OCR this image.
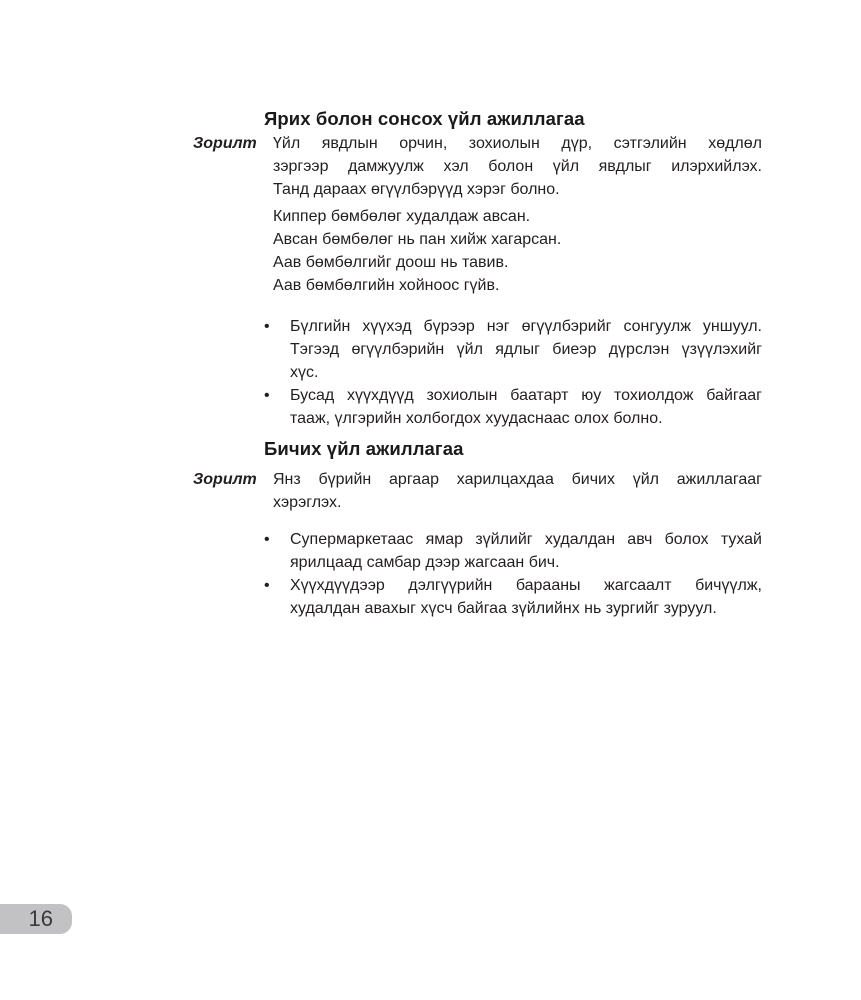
Ярих болон сонсох үйл ажиллагаа
Зорилт	Үйл явдлын орчин, зохиолын дүр, сэтгэлийн хөдлөл
зэргээр дамжуулж хэл болон үйл явдлыг илэрхийлэх.
Танд дараах өгүүлбэрүүд хэрэг болно.
Киппер бөмбөлөг худалдаж авсан.
Авсан бөмбөлөг нь пан хийж хагарсан.
Аав бөмбөлгийг доош нь тавив.
Аав бөмбөлгийн хойноос гүйв.
• Бүлгийн хүүхэд бүрээр нэг өгүүлбэрийг сонгуулж уншуул.
Тэгээд өгүүлбэрийн үйл ядлыг биеэр дүрслэн үзүүлэхийг
хүс.
• Бусад хүүхдүүд зохиолын баатарт юу тохиолдож байгааг
тааж, үлгэрийн холбогдох хуудаснаас олох болно.
Бичих үйл ажиллагаа
Зорилт	Янз бүрийн аргаар харилцахдаа бичих үйл ажиллагааг
хэрэглэх.
• Супермаркетаас ямар зүйлийг худалдан авч болох тухай
ярилцаад самбар дээр жагсаан бич.
• Хүүхдүүдээр дэлгүүрийн барааны жагсаалт бичүүлж,
худалдан авахыг хүсч байгаа зүйлийнх нь зургийг зуруул.
16
